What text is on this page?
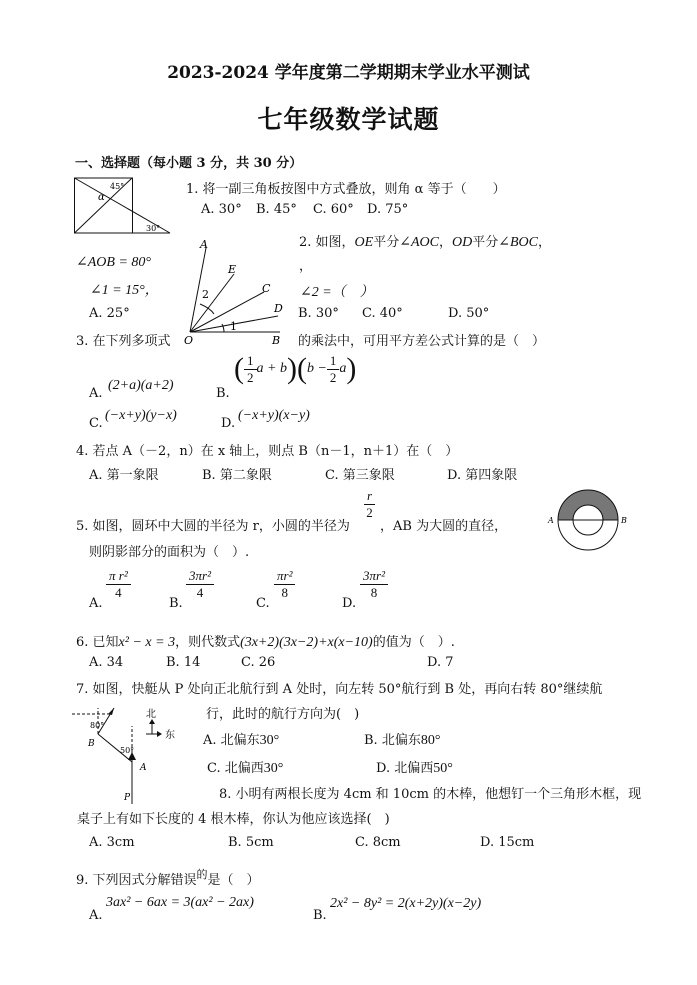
2023-2024 学年度第二学期期末学业水平测试
七年级数学试题
一、选择题（每小题 3 分，共 30 分）
45°
α
30°
1. 将一副三角板按图中方式叠放，则角 α 等于（　　）
A. 30° B. 45° C. 60° D. 75°
A
E
C
D
O	B
2
1
2. 如图，OE平分∠AOC，OD平分∠BOC，
，
∠AOB = 80°
∠1 = 15°，	∠2 =（　）
A. 25°	B. 30° C. 40°	D. 50°
3. 在下列多项式	的乘法中，可用平方差公式计算的是（　）
A.
(2+a)(a+2)
B.
( $\frac{1}{2}$ $a + b)(b - \frac{1}{2} a)$
C.
(−x+y)(y−x)
D.
(−x+y)(x−y)
4. 若点 A（－2，n）在 x 轴上，则点 B（n－1，n＋1）在（　）
A. 第一象限	B. 第二象限	C. 第三象限	D. 第四象限
5. 如图，圆环中大圆的半径为 r，小圆的半径为
$\frac{r}{2}$
，AB 为大圆的直径，
则阴影部分的面积为（　）.
A	B
A.
$\frac{\text{π r²}}{4}$
B.
$\frac{\text{3πr²}}{4}$
C.
$\frac{\text{πr²}}{8}$
D.
$\frac{\text{3πr²}}{8}$
6. 已知x² − x = 3，则代数式(3x+2)(3x−2)+x(x−10)的值为（　）.
A. 34	B. 14	C. 26	D. 7
7. 如图，快艇从 P 处向正北航行到 A 处时，向左转 50°航行到 B 处，再向右转 80°继续航
行，此时的航行方向为(　)
80°
50°
B
A
P
北
东 A. 北偏东30°	B. 北偏东80°
C. 北偏西30°	D. 北偏西50°
8. 小明有两根长度为 4cm 和 10cm 的木棒，他想钉一个三角形木框，现
桌子上有如下长度的 4 根木棒，你认为他应该选择(　)
A. 3cm	B. 5cm	C. 8cm	D. 15cm
9. 下列因式分解错误$^的$是（　）
A.
3ax² − 6ax = 3(ax² − 2ax)
B.
2x² − 8y² = 2(x+2y)(x−2y)
